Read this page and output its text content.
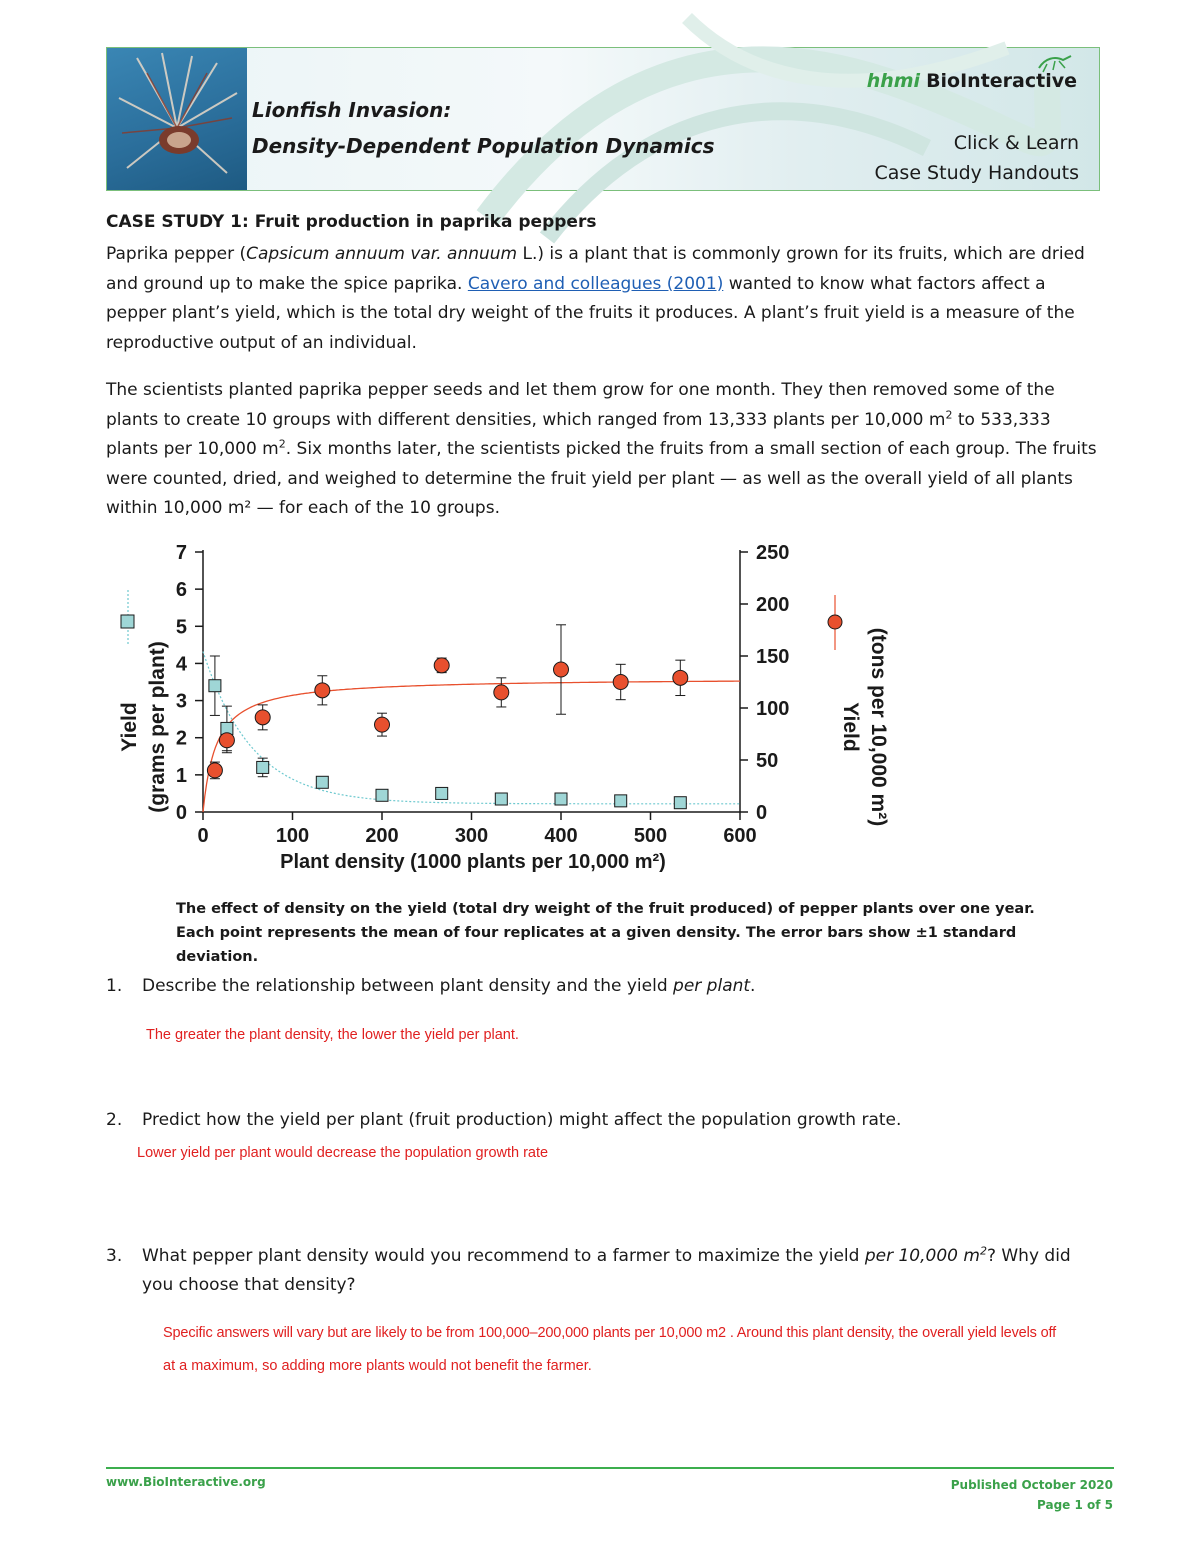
Lionfish Invasion:
Density-Dependent Population Dynamics
hhmi BioInteractive
Click & Learn
Case Study Handouts
CASE STUDY 1: Fruit production in paprika peppers
Paprika pepper (Capsicum annuum var. annuum L.) is a plant that is commonly grown for its fruits, which are dried and ground up to make the spice paprika. Cavero and colleagues (2001) wanted to know what factors affect a pepper plant’s yield, which is the total dry weight of the fruits it produces. A plant’s fruit yield is a measure of the reproductive output of an individual.
The scientists planted paprika pepper seeds and let them grow for one month. They then removed some of the plants to create 10 groups with different densities, which ranged from 13,333 plants per 10,000 $m^2$ to 533,333 plants per 10,000 $m^2$. Six months later, the scientists picked the fruits from a small section of each group. The fruits were counted, dried, and weighed to determine the fruit yield per plant — as well as the overall yield of all plants within 10,000 m² — for each of the 10 groups.
0	100	200	300	400	500	600
0
1
2
3
4
5
6
7
0
50
100
150
200
250
Plant density (1000 plants per 10,000 m²)
Yield (grams per plant)	Yield (tons per 10,000 m²)
The effect of density on the yield (total dry weight of the fruit produced) of pepper plants over one year. Each point represents the mean of four replicates at a given density. The error bars show ±1 standard deviation.
1. Describe the relationship between plant density and the yield per plant.
The greater the plant density, the lower the yield per plant.
2. Predict how the yield per plant (fruit production) might affect the population growth rate.
Lower yield per plant would decrease the population growth rate
3. What pepper plant density would you recommend to a farmer to maximize the yield per 10,000 $m^2$? Why did you choose that density?
Specific answers will vary but are likely to be from 100,000–200,000 plants per 10,000 m2 . Around this plant density, the overall yield levels off
at a maximum, so adding more plants would not benefit the farmer.
www.BioInteractive.org	Published October 2020
Page 1 of 5
